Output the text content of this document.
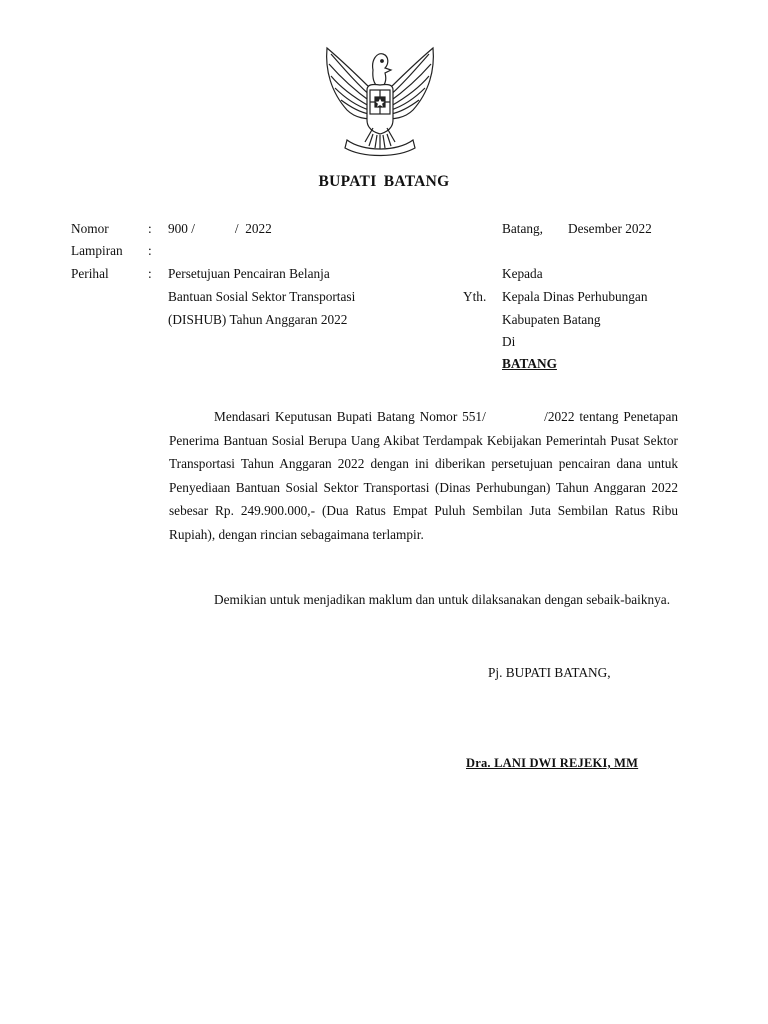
BUPATI BATANG
Nomor	: 900 /            /  2022
Lampiran :
Perihal	: Persetujuan Pencairan Belanja
Bantuan Sosial Sektor Transportasi
(DISHUB) Tahun Anggaran 2022
Batang, Desember 2022
Kepada
Yth. Kepala Dinas Perhubungan
Kabupaten Batang
Di
BATANG
Mendasari Keputusan Bupati Batang Nomor 551/            /2022 tentang Penetapan Penerima Bantuan Sosial Berupa Uang Akibat Terdampak Kebijakan Pemerintah Pusat Sektor Transportasi Tahun Anggaran 2022 dengan ini diberikan persetujuan pencairan dana untuk Penyediaan Bantuan Sosial Sektor Transportasi (Dinas Perhubungan) Tahun Anggaran 2022 sebesar Rp. 249.900.000,- (Dua Ratus Empat Puluh Sembilan Juta Sembilan Ratus Ribu Rupiah), dengan rincian sebagaimana terlampir.
Demikian untuk menjadikan maklum dan untuk dilaksanakan dengan sebaik-baiknya.
Pj. BUPATI BATANG,
Dra. LANI DWI REJEKI, MM
